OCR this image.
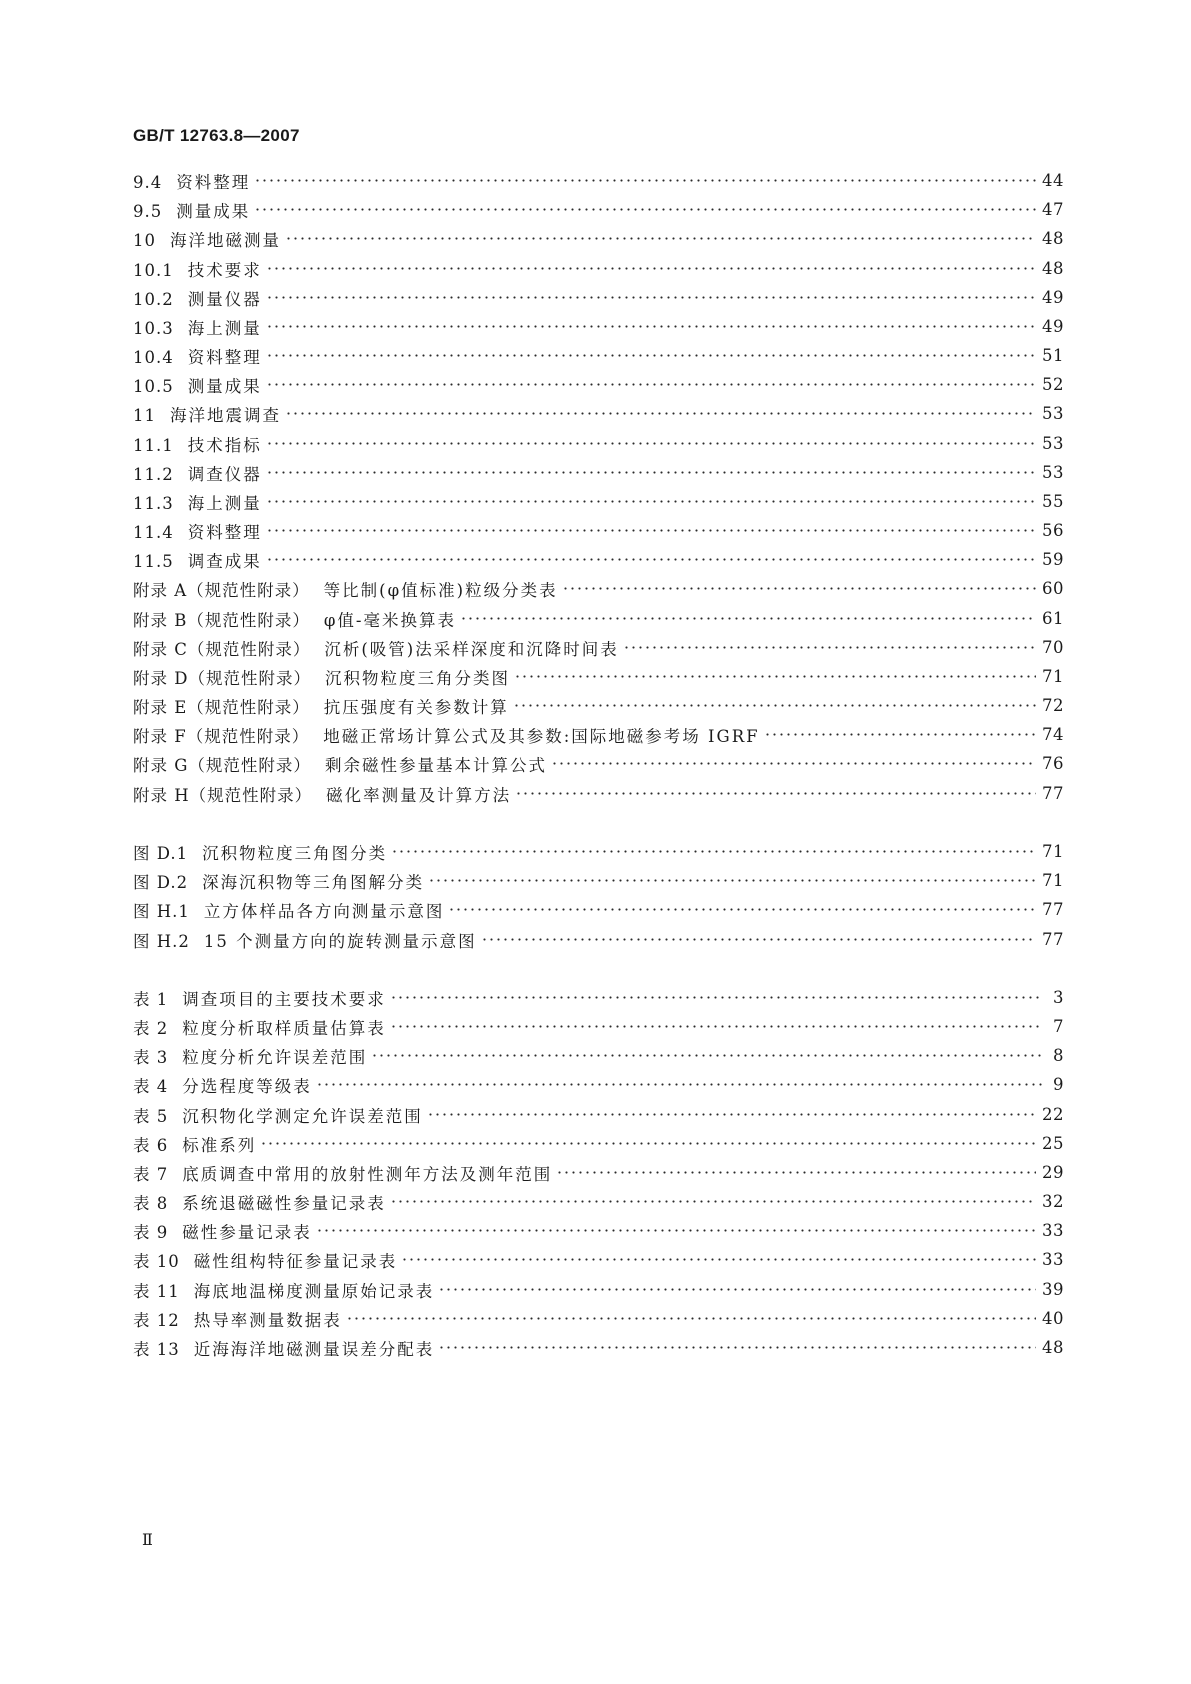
GB/T 12763.8—2007
9.4 资料整理	44
9.5 测量成果	47
10 海洋地磁测量	48
10.1 技术要求	48
10.2 测量仪器	49
10.3 海上测量	49
10.4 资料整理	51
10.5 测量成果	52
11 海洋地震调查	53
11.1 技术指标	53
11.2 调查仪器	53
11.3 海上测量	55
11.4 资料整理	56
11.5 调查成果	59
附录 A（规范性附录） 等比制(φ值标准)粒级分类表	60
附录 B（规范性附录） φ值-毫米换算表	61
附录 C（规范性附录） 沉析(吸管)法采样深度和沉降时间表	70
附录 D（规范性附录） 沉积物粒度三角分类图	71
附录 E（规范性附录） 抗压强度有关参数计算	72
附录 F（规范性附录） 地磁正常场计算公式及其参数:国际地磁参考场 IGRF	74
附录 G（规范性附录） 剩余磁性参量基本计算公式	76
附录 H（规范性附录） 磁化率测量及计算方法	77
图 D.1 沉积物粒度三角图分类	71
图 D.2 深海沉积物等三角图解分类	71
图 H.1 立方体样品各方向测量示意图	77
图 H.2 15 个测量方向的旋转测量示意图	77
表 1 调查项目的主要技术要求	3
表 2 粒度分析取样质量估算表	7
表 3 粒度分析允许误差范围	8
表 4 分选程度等级表	9
表 5 沉积物化学测定允许误差范围	22
表 6 标准系列	25
表 7 底质调查中常用的放射性测年方法及测年范围	29
表 8 系统退磁磁性参量记录表	32
表 9 磁性参量记录表	33
表 10 磁性组构特征参量记录表	33
表 11 海底地温梯度测量原始记录表	39
表 12 热导率测量数据表	40
表 13 近海海洋地磁测量误差分配表	48
Ⅱ
